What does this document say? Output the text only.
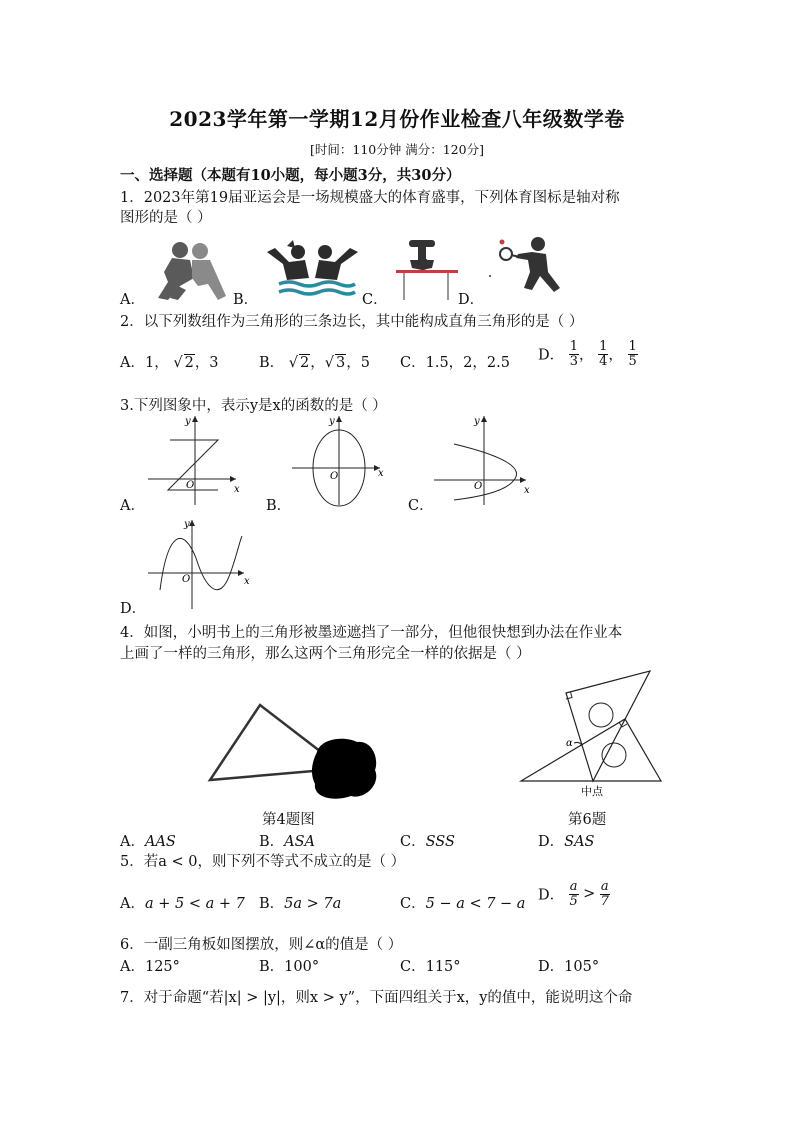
2023学年第一学期12月份作业检查八年级数学卷
[时间：110分钟 满分：120分]
一、选择题（本题有10小题，每小题3分，共30分）
1．2023年第19届亚运会是一场规模盛大的体育盛事，下列体育图标是轴对称
图形的是（ ）
A．	B．	C．	D．
2．以下列数组作为三角形的三条边长，其中能构成直角三角形的是（ ）
A．1， √ 2，3	B． √ 2，√ 3，5 C．1.5，2，2.5 D． $\frac{1}{3}$ ， $\frac{1}{4}$ ， $\frac{1}{5}$
3.下列图象中，表示y是x的函数的是（ ）
O	x
y
O	x
y
O	x
y
A．	B．	C．
O	x
y
D．
4．如图，小明书上的三角形被墨迹遮挡了一部分，但他很快想到办法在作业本
上画了一样的三角形，那么这两个三角形完全一样的依据是（ ）
第4题图
α
中点
第6题
A．AAS	B．ASA	C．SSS	D．SAS
5．若a < 0，则下列不等式不成立的是（ ）
A．a + 5 < a + 7 B．5a > 7a	C．5 − a < 7 − a
D． $\frac{a}{5} > \frac{a}{7}$
6．一副三角板如图摆放，则∠α的值是（ ）
A．125°	B．100°	C．115°	D．105°
7．对于命题“若|x| > |y|，则x > y”，下面四组关于x，y的值中，能说明这个命
